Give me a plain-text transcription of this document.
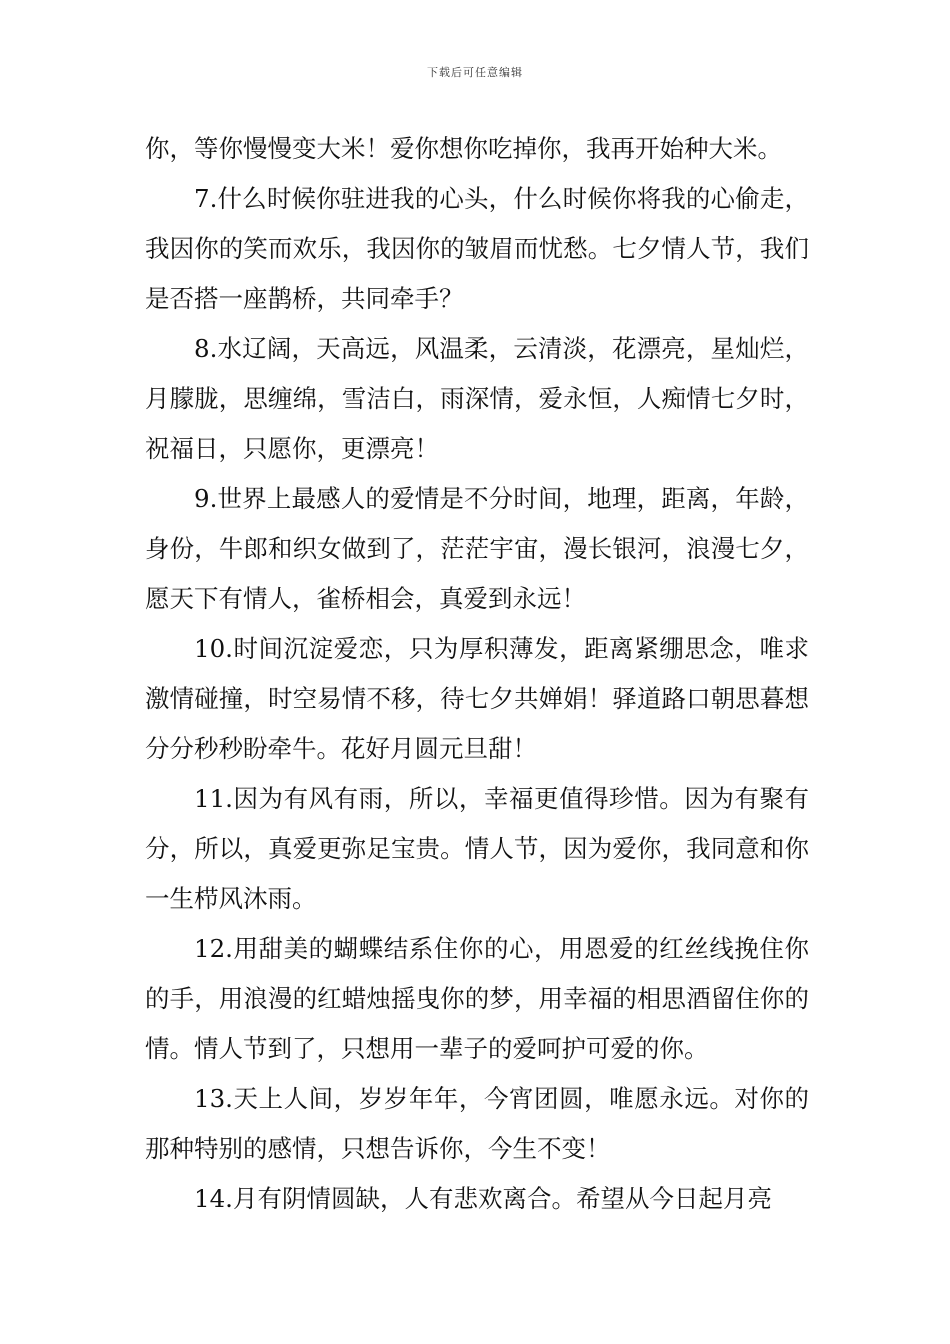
下载后可任意编辑

你，等你慢慢变大米！爱你想你吃掉你，我再开始种大米。

7.什么时候你驻进我的心头，什么时候你将我的心偷走，我因你的笑而欢乐，我因你的皱眉而忧愁。七夕情人节，我们是否搭一座鹊桥，共同牵手？

8.水辽阔，天高远，风温柔，云清淡，花漂亮，星灿烂，月朦胧，思缠绵，雪洁白，雨深情，爱永恒，人痴情七夕时，祝福日，只愿你，更漂亮！

9.世界上最感人的爱情是不分时间，地理，距离，年龄，身份，牛郎和织女做到了，茫茫宇宙，漫长银河，浪漫七夕，愿天下有情人，雀桥相会，真爱到永远！

10.时间沉淀爱恋，只为厚积薄发，距离紧绷思念，唯求激情碰撞，时空易情不移，待七夕共婵娟！驿道路口朝思暮想分分秒秒盼牵牛。花好月圆元旦甜！

11.因为有风有雨，所以，幸福更值得珍惜。因为有聚有分，所以，真爱更弥足宝贵。情人节，因为爱你，我同意和你一生栉风沐雨。

12.用甜美的蝴蝶结系住你的心，用恩爱的红丝线挽住你的手，用浪漫的红蜡烛摇曳你的梦，用幸福的相思酒留住你的情。情人节到了，只想用一辈子的爱呵护可爱的你。

13.天上人间，岁岁年年，今宵团圆，唯愿永远。对你的那种特别的感情，只想告诉你，今生不变！

14.月有阴情圆缺，人有悲欢离合。希望从今日起月亮
